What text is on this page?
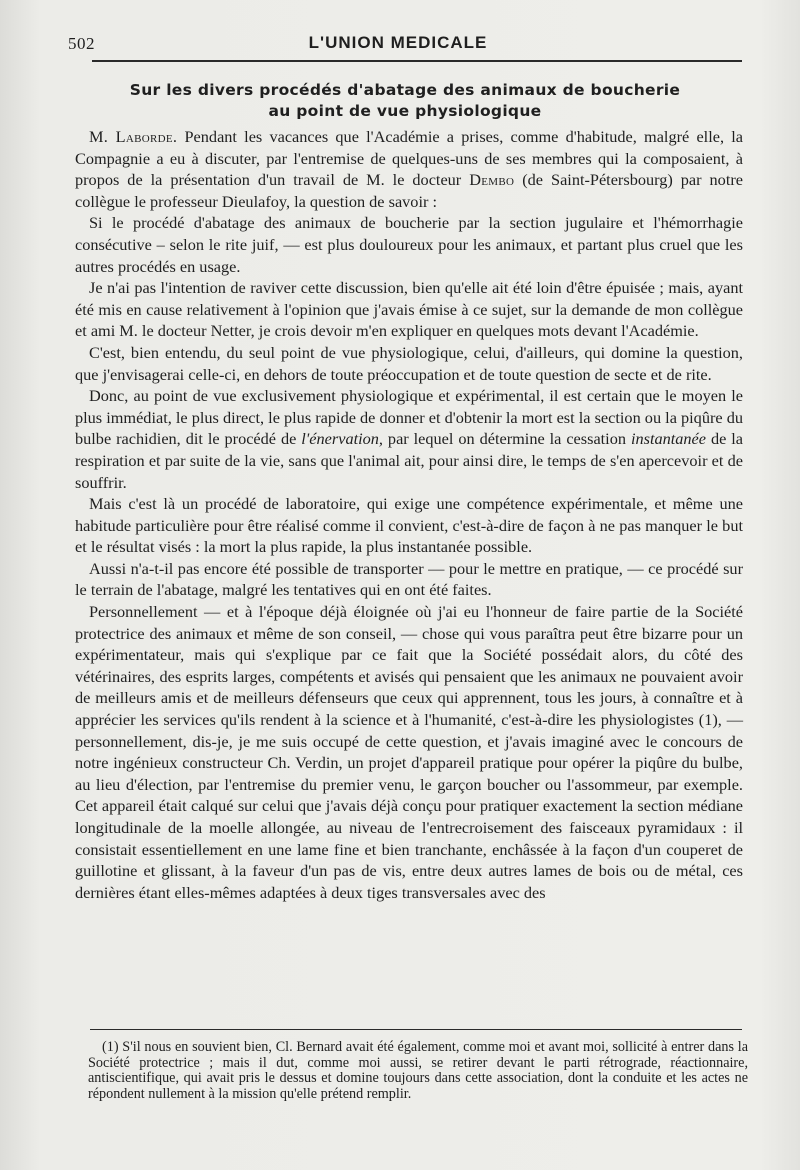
502	L'UNION MEDICALE
Sur les divers procédés d'abatage des animaux de boucherie
au point de vue physiologique

M. Laborde. Pendant les vacances que l'Académie a prises, comme d'habitude, malgré elle, la Compagnie a eu à discuter, par l'entremise de quelques-uns de ses membres qui la composaient, à propos de la présentation d'un travail de M. le docteur Dembo (de Saint-Pétersbourg) par notre collègue le professeur Dieulafoy, la question de savoir :

Si le procédé d'abatage des animaux de boucherie par la section jugulaire et l'hémorrhagie consécutive – selon le rite juif, — est plus douloureux pour les animaux, et partant plus cruel que les autres procédés en usage.

Je n'ai pas l'intention de raviver cette discussion, bien qu'elle ait été loin d'être épuisée ; mais, ayant été mis en cause relativement à l'opinion que j'avais émise à ce sujet, sur la demande de mon collègue et ami M. le docteur Netter, je crois devoir m'en expliquer en quelques mots devant l'Académie.

C'est, bien entendu, du seul point de vue physiologique, celui, d'ailleurs, qui domine la question, que j'envisagerai celle-ci, en dehors de toute préoccupation et de toute question de secte et de rite.

Donc, au point de vue exclusivement physiologique et expérimental, il est certain que le moyen le plus immédiat, le plus direct, le plus rapide de donner et d'obtenir la mort est la section ou la piqûre du bulbe rachidien, dit le procédé de l'énervation, par lequel on détermine la cessation instantanée de la respiration et par suite de la vie, sans que l'animal ait, pour ainsi dire, le temps de s'en apercevoir et de souffrir.

Mais c'est là un procédé de laboratoire, qui exige une compétence expérimentale, et même une habitude particulière pour être réalisé comme il convient, c'est-à-dire de façon à ne pas manquer le but et le résultat visés : la mort la plus rapide, la plus instantanée possible.

Aussi n'a-t-il pas encore été possible de transporter — pour le mettre en pratique, — ce procédé sur le terrain de l'abatage, malgré les tentatives qui en ont été faites.

Personnellement — et à l'époque déjà éloignée où j'ai eu l'honneur de faire partie de la Société protectrice des animaux et même de son conseil, — chose qui vous paraîtra peut être bizarre pour un expérimentateur, mais qui s'explique par ce fait que la Société possédait alors, du côté des vétérinaires, des esprits larges, compétents et avisés qui pensaient que les animaux ne pouvaient avoir de meilleurs amis et de meilleurs défenseurs que ceux qui apprennent, tous les jours, à connaître et à apprécier les services qu'ils rendent à la science et à l'humanité, c'est-à-dire les physiologistes (1), — personnellement, dis-je, je me suis occupé de cette question, et j'avais imaginé avec le concours de notre ingénieux constructeur Ch. Verdin, un projet d'appareil pratique pour opérer la piqûre du bulbe, au lieu d'élection, par l'entremise du premier venu, le garçon boucher ou l'assommeur, par exemple. Cet appareil était calqué sur celui que j'avais déjà conçu pour pratiquer exactement la section médiane longitudinale de la moelle allongée, au niveau de l'entrecroisement des faisceaux pyramidaux : il consistait essentiellement en une lame fine et bien tranchante, enchâssée à la façon d'un couperet de guillotine et glissant, à la faveur d'un pas de vis, entre deux autres lames de bois ou de métal, ces dernières étant elles-mêmes adaptées à deux tiges transversales avec des

(1) S'il nous en souvient bien, Cl. Bernard avait été également, comme moi et avant moi, sollicité à entrer dans la Société protectrice ; mais il dut, comme moi aussi, se retirer devant le parti rétrograde, réactionnaire, antiscientifique, qui avait pris le dessus et domine toujours dans cette association, dont la conduite et les actes ne répondent nullement à la mission qu'elle prétend remplir.
